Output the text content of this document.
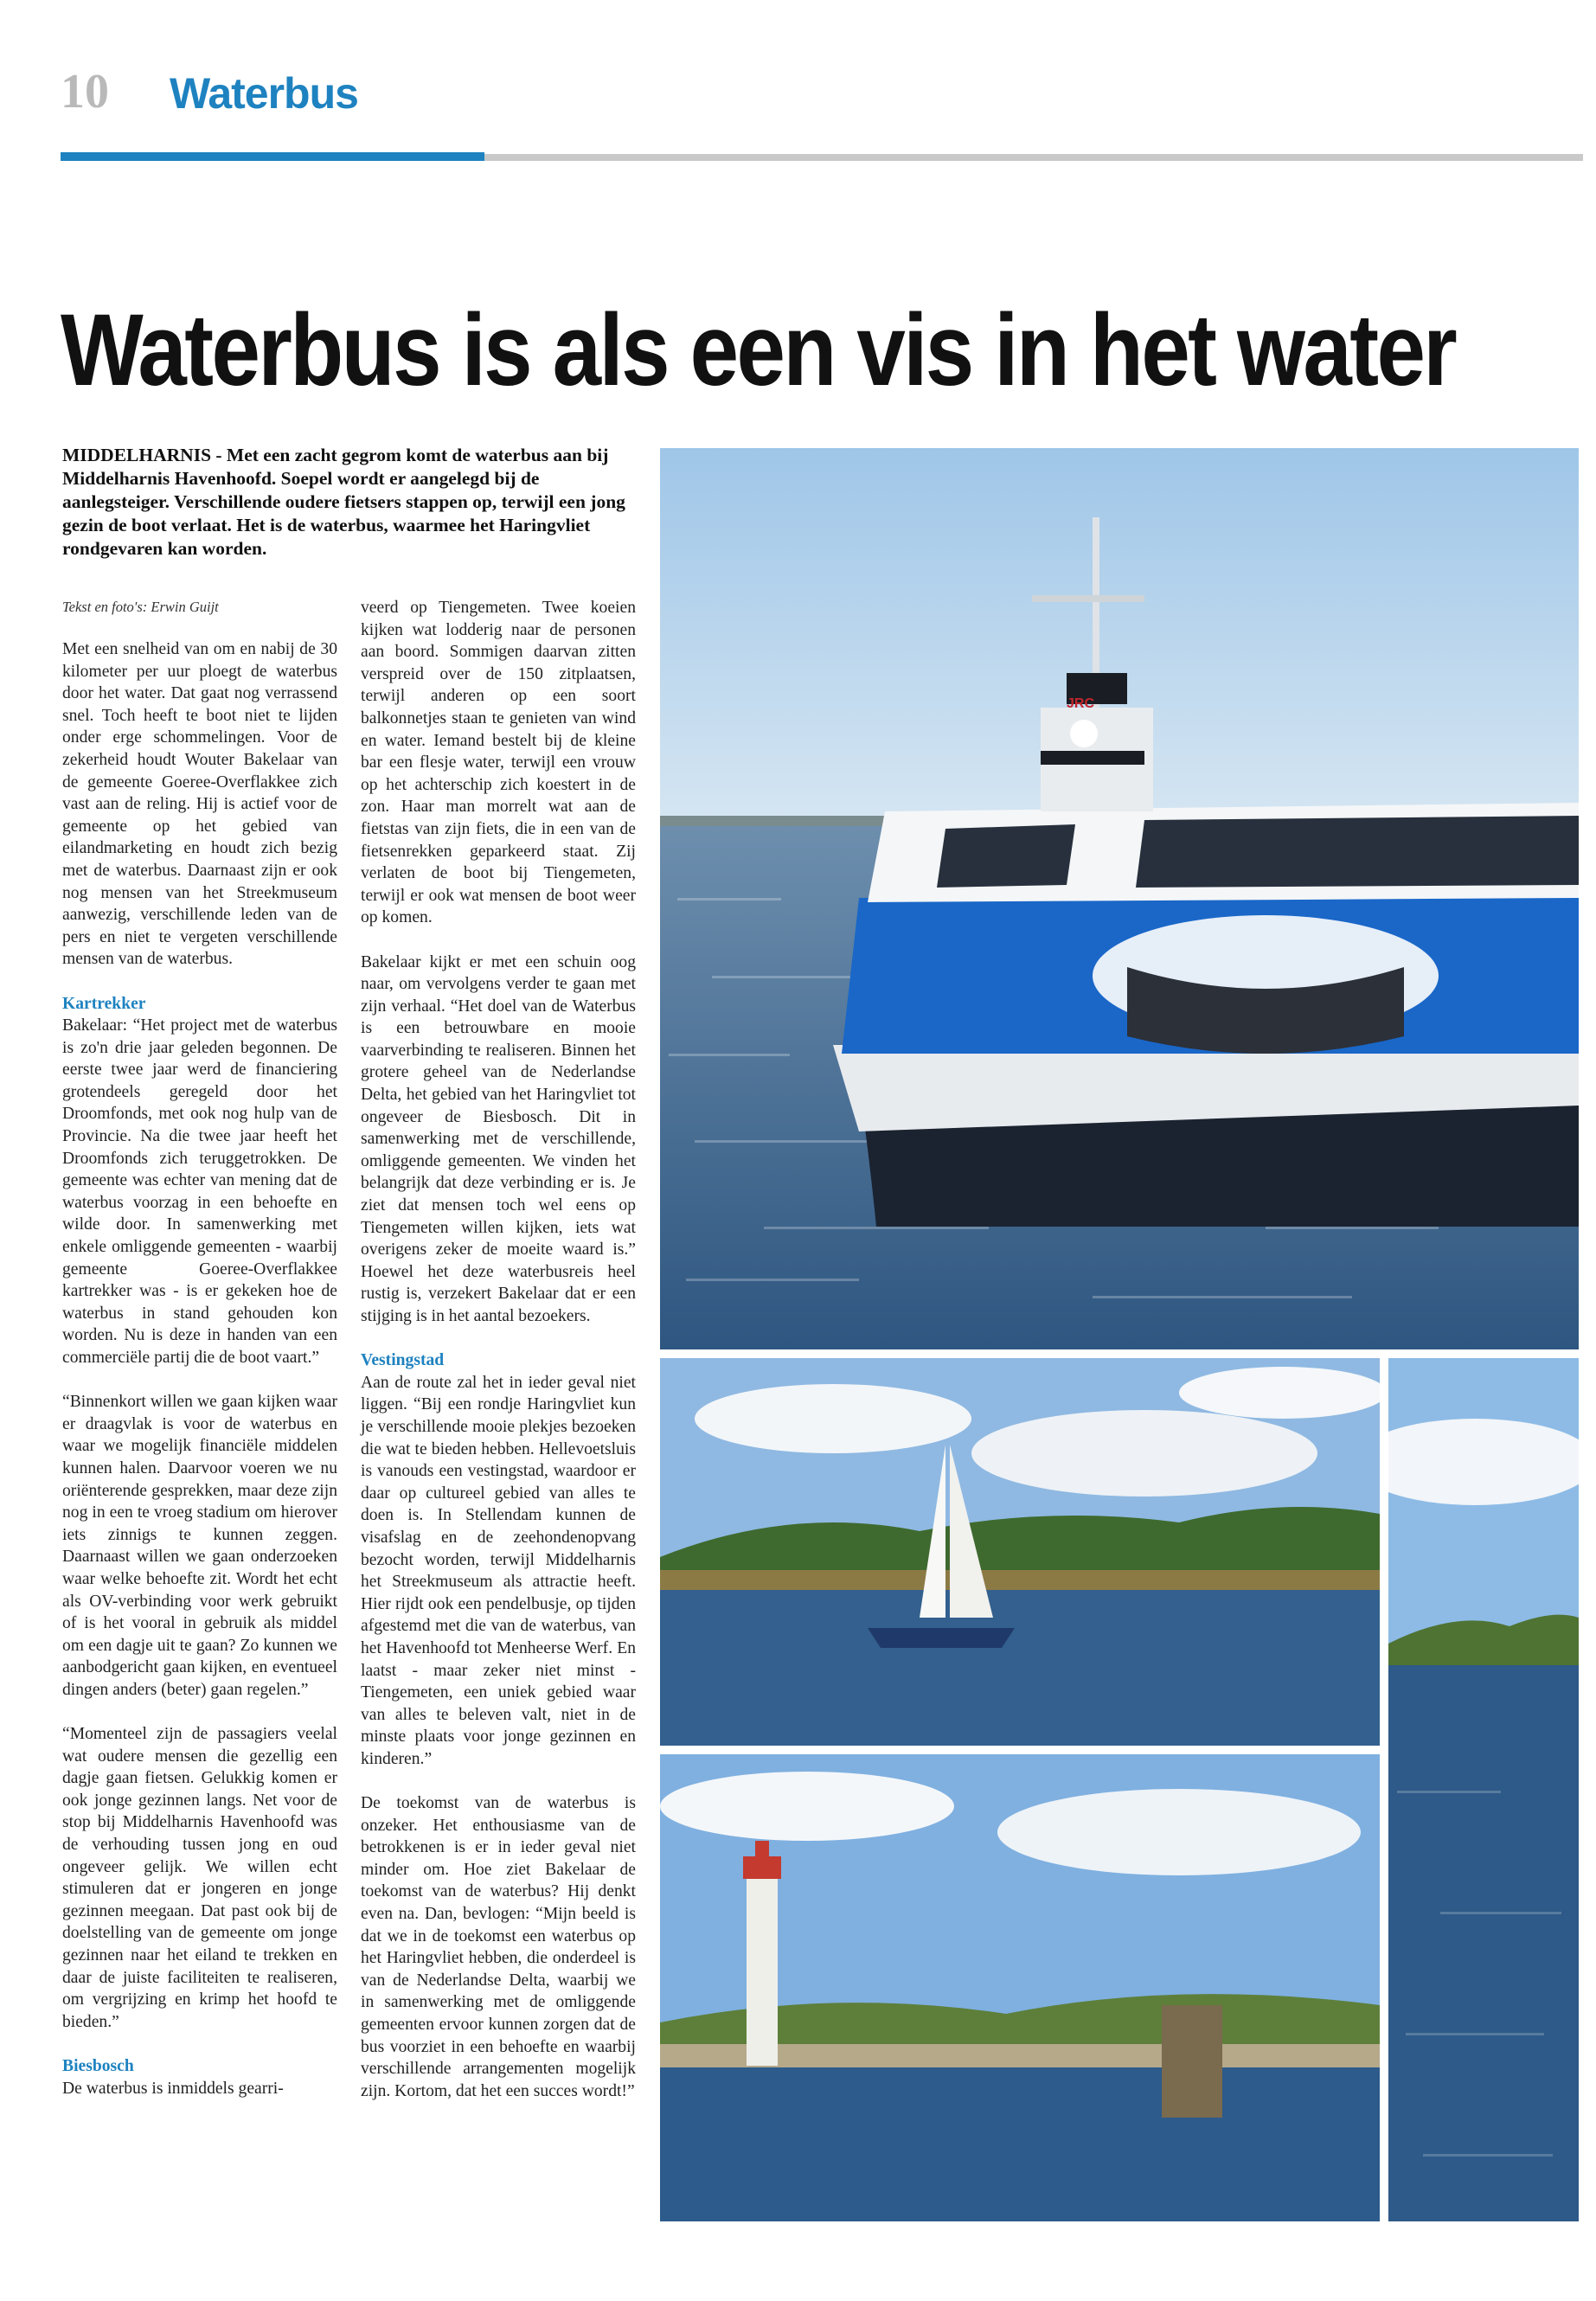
10 Waterbus
Waterbus is als een vis in het water
MIDDELHARNIS - Met een zacht gegrom komt de waterbus aan bij Middelharnis Havenhoofd. Soepel wordt er aangelegd bij de aanlegsteiger. Verschillende oudere fietsers stappen op, terwijl een jong gezin de boot verlaat. Het is de waterbus, waarmee het Haringvliet rondgevaren kan worden.
Tekst en foto's: Erwin Guijt

Met een snelheid van om en nabij de 30 kilometer per uur ploegt de waterbus door het water. Dat gaat nog verrassend snel. Toch heeft te boot niet te lijden onder erge schommelingen. Voor de zekerheid houdt Wouter Bakelaar van de gemeente Goeree-Overflakkee zich vast aan de reling. Hij is actief voor de gemeente op het gebied van eilandmarketing en houdt zich bezig met de waterbus. Daarnaast zijn er ook nog mensen van het Streekmuseum aanwezig, verschillende leden van de pers en niet te vergeten verschillende mensen van de waterbus.

Kartrekker

Bakelaar: “Het project met de waterbus is zo'n drie jaar geleden begonnen. De eerste twee jaar werd de financiering grotendeels geregeld door het Droomfonds, met ook nog hulp van de Provincie. Na die twee jaar heeft het Droomfonds zich teruggetrokken. De gemeente was echter van mening dat de waterbus voorzag in een behoefte en wilde door. In samenwerking met enkele omliggende gemeenten - waarbij gemeente Goeree-Overflakkee kartrekker was - is er gekeken hoe de waterbus in stand gehouden kon worden. Nu is deze in handen van een commerciële partij die de boot vaart.”

“Binnenkort willen we gaan kijken waar er draagvlak is voor de waterbus en waar we mogelijk financiële middelen kunnen halen. Daarvoor voeren we nu oriënterende gesprekken, maar deze zijn nog in een te vroeg stadium om hierover iets zinnigs te kunnen zeggen. Daarnaast willen we gaan onderzoeken waar welke behoefte zit. Wordt het echt als OV-verbinding voor werk gebruikt of is het vooral in gebruik als middel om een dagje uit te gaan? Zo kunnen we aanbodgericht gaan kijken, en eventueel dingen anders (beter) gaan regelen.”

“Momenteel zijn de passagiers veelal wat oudere mensen die gezellig een dagje gaan fietsen. Gelukkig komen er ook jonge gezinnen langs. Net voor de stop bij Middelharnis Havenhoofd was de verhouding tussen jong en oud ongeveer gelijk. We willen echt stimuleren dat er jongeren en jonge gezinnen meegaan. Dat past ook bij de doelstelling van de gemeente om jonge gezinnen naar het eiland te trekken en daar de juiste faciliteiten te realiseren, om vergrijzing en krimp het hoofd te bieden.”

Biesbosch

De waterbus is inmiddels gearri-

veerd op Tiengemeten. Twee koeien kijken wat lodderig naar de personen aan boord. Sommigen daarvan zitten verspreid over de 150 zitplaatsen, terwijl anderen op een soort balkonnetjes staan te genieten van wind en water. Iemand bestelt bij de kleine bar een flesje water, terwijl een vrouw op het achterschip zich koestert in de zon. Haar man morrelt wat aan de fietstas van zijn fiets, die in een van de fietsenrekken geparkeerd staat. Zij verlaten de boot bij Tiengemeten, terwijl er ook wat mensen de boot weer op komen.

Bakelaar kijkt er met een schuin oog naar, om vervolgens verder te gaan met zijn verhaal. “Het doel van de Waterbus is een betrouwbare en mooie vaarverbinding te realiseren. Binnen het grotere geheel van de Nederlandse Delta, het gebied van het Haringvliet tot ongeveer de Biesbosch. Dit in samenwerking met de verschillende, omliggende gemeenten. We vinden het belangrijk dat deze verbinding er is. Je ziet dat mensen toch wel eens op Tiengemeten willen kijken, iets wat overigens zeker de moeite waard is.” Hoewel het deze waterbusreis heel rustig is, verzekert Bakelaar dat er een stijging is in het aantal bezoekers.

Vestingstad

Aan de route zal het in ieder geval niet liggen. “Bij een rondje Haringvliet kun je verschillende mooie plekjes bezoeken die wat te bieden hebben. Hellevoetsluis is vanouds een vestingstad, waardoor er daar op cultureel gebied van alles te doen is. In Stellendam kunnen de visafslag en de zeehondenopvang bezocht worden, terwijl Middelharnis het Streekmuseum als attractie heeft. Hier rijdt ook een pendelbusje, op tijden afgestemd met die van de waterbus, van het Havenhoofd tot Menheerse Werf. En laatst - maar zeker niet minst - Tiengemeten, een uniek gebied waar van alles te beleven valt, niet in de minste plaats voor jonge gezinnen en kinderen.”

De toekomst van de waterbus is onzeker. Het enthousiasme van de betrokkenen is er in ieder geval niet minder om. Hoe ziet Bakelaar de toekomst van de waterbus? Hij denkt even na. Dan, bevlogen: “Mijn beeld is dat we in de toekomst een waterbus op het Haringvliet hebben, die onderdeel is van de Nederlandse Delta, waarbij we in samenwerking met de omliggende gemeenten ervoor kunnen zorgen dat de bus voorziet in een behoefte en waarbij verschillende arrangementen mogelijk zijn. Kortom, dat het een succes wordt!”

JRC
